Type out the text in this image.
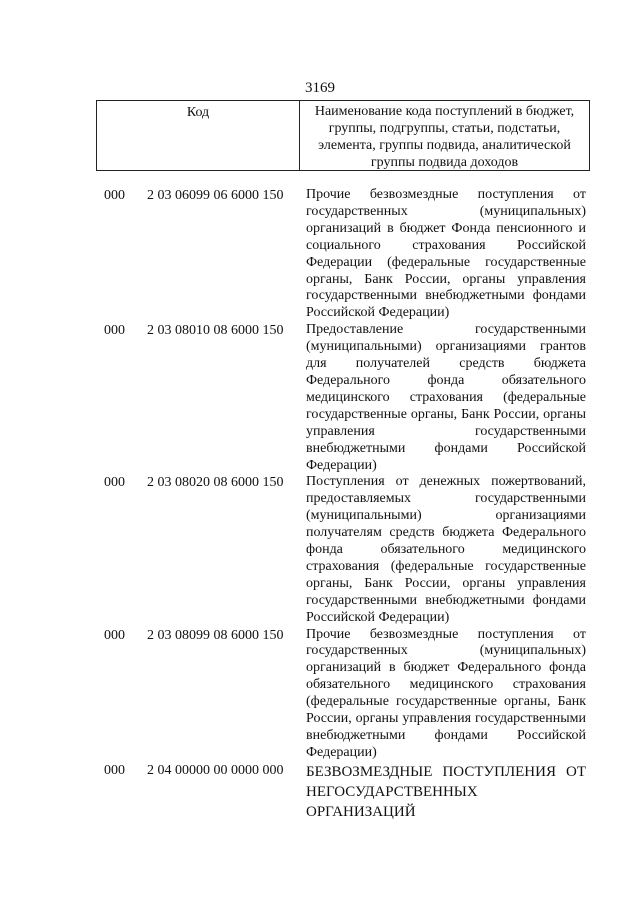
3169
Код	Наименование кода поступлений в бюджет, группы, подгруппы, статьи, подстатьи, элемента, группы подвида, аналитической группы подвида доходов
000 2 03 06099 06 6000 150 Прочие безвозмездные поступления от государственных (муниципальных) организаций в бюджет Фонда пенсионного и социального страхования Российской Федерации (федеральные государственные органы, Банк России, органы управления государственными внебюджетными фондами Российской Федерации)
000 2 03 08010 08 6000 150 Предоставление государственными (муниципальными) организациями грантов для получателей средств бюджета Федерального фонда обязательного медицинского страхования (федеральные государственные органы, Банк России, органы управления государственными внебюджетными фондами Российской Федерации)
000 2 03 08020 08 6000 150 Поступления от денежных пожертвований, предоставляемых государственными (муниципальными) организациями получателям средств бюджета Федерального фонда обязательного медицинского страхования (федеральные государственные органы, Банк России, органы управления государственными внебюджетными фондами Российской Федерации)
000 2 03 08099 08 6000 150 Прочие безвозмездные поступления от государственных (муниципальных) организаций в бюджет Федерального фонда обязательного медицинского страхования (федеральные государственные органы, Банк России, органы управления государственными внебюджетными фондами Российской Федерации)
000 2 04 00000 00 0000 000 БЕЗВОЗМЕЗДНЫЕ ПОСТУПЛЕНИЯ ОТ НЕГОСУДАРСТВЕННЫХ ОРГАНИЗАЦИЙ
